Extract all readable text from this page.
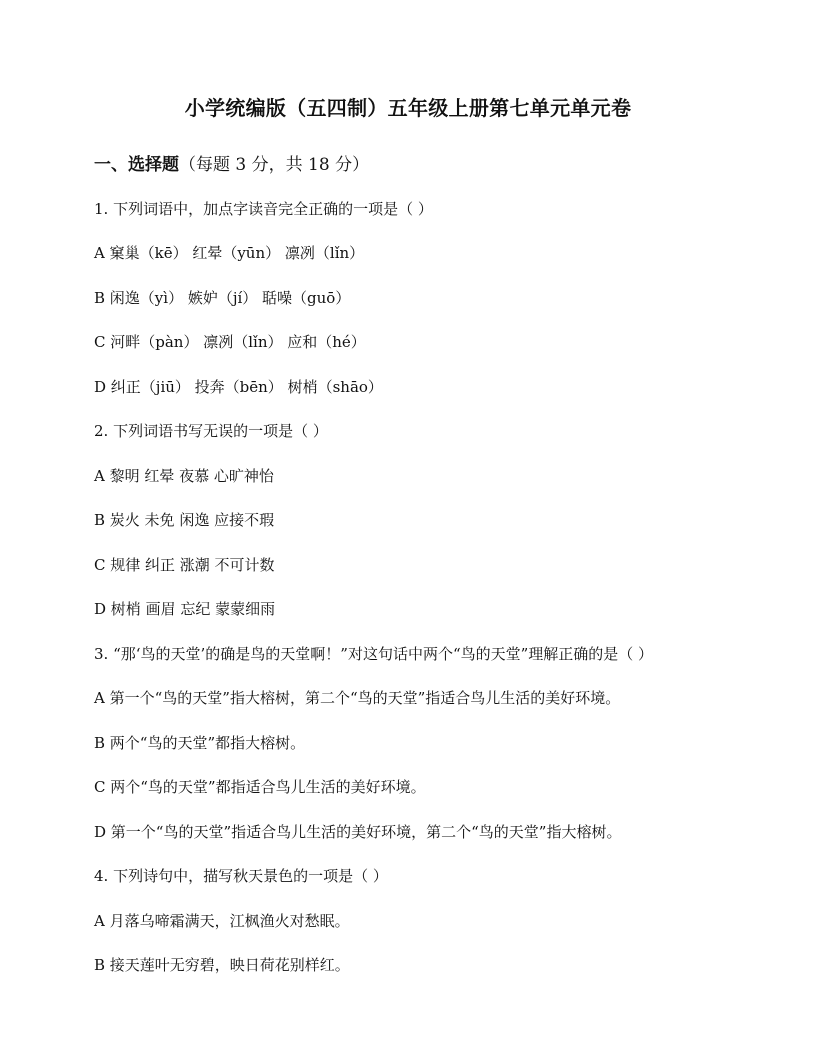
小学统编版（五四制）五年级上册第七单元单元卷
一、选择题（每题 3 分，共 18 分）
1. 下列词语中，加点字读音完全正确的一项是（ ）
A 窠巢（kē） 红晕（yūn） 凛冽（lǐn）
B 闲逸（yì） 嫉妒（jí） 聒噪（guō）
C 河畔（pàn） 凛冽（lǐn） 应和（hé）
D 纠正（jiū） 投奔（bēn） 树梢（shāo）
2. 下列词语书写无误的一项是（ ）
A 黎明 红晕 夜慕 心旷神怡
B 炭火 未免 闲逸 应接不瑕
C 规律 纠正 涨潮 不可计数
D 树梢 画眉 忘纪 蒙蒙细雨
3. “那‘鸟的天堂’的确是鸟的天堂啊！”对这句话中两个“鸟的天堂”理解正确的是（ ）
A 第一个“鸟的天堂”指大榕树，第二个“鸟的天堂”指适合鸟儿生活的美好环境。
B 两个“鸟的天堂”都指大榕树。
C 两个“鸟的天堂”都指适合鸟儿生活的美好环境。
D 第一个“鸟的天堂”指适合鸟儿生活的美好环境，第二个“鸟的天堂”指大榕树。
4. 下列诗句中，描写秋天景色的一项是（ ）
A 月落乌啼霜满天，江枫渔火对愁眠。
B 接天莲叶无穷碧，映日荷花别样红。
